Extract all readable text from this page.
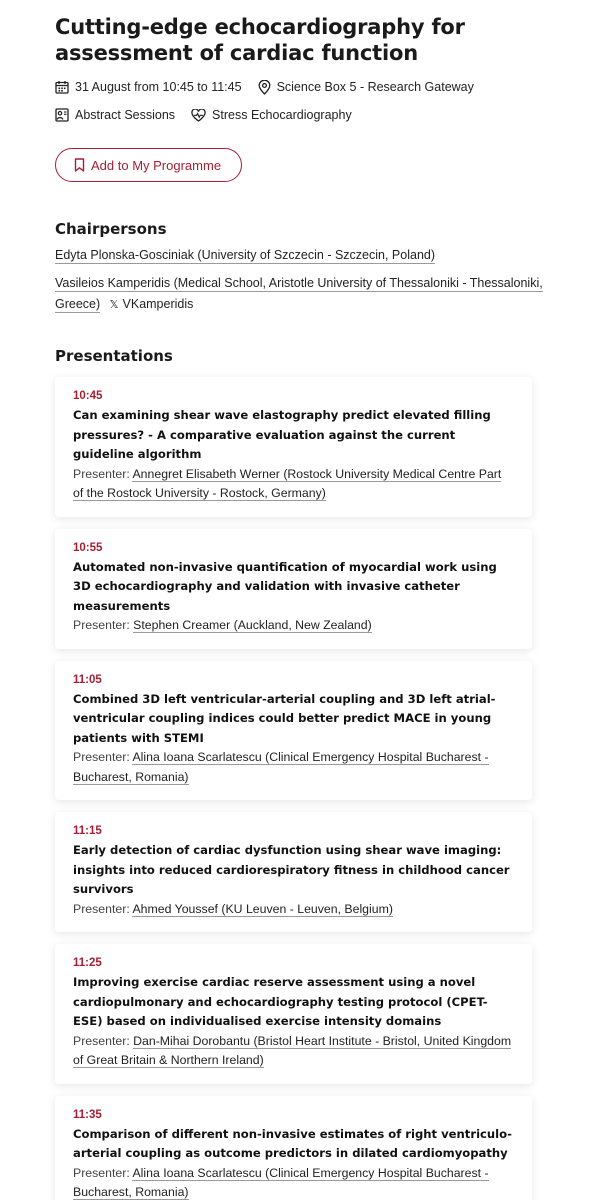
Cutting-edge echocardiography for assessment of cardiac function
31 August from 10:45 to 11:45	Science Box 5 - Research Gateway
Abstract Sessions	Stress Echocardiography
Add to My Programme
Chairpersons
Edyta Plonska-Gosciniak (University of Szczecin - Szczecin, Poland)
Vasileios Kamperidis (Medical School, Aristotle University of Thessaloniki - Thessaloniki, Greece) 𝕏 VKamperidis
Presentations
10:45
Can examining shear wave elastography predict elevated filling pressures? - A comparative evaluation against the current guideline algorithm
Presenter: Annegret Elisabeth Werner (Rostock University Medical Centre Part of the Rostock University - Rostock, Germany)
10:55
Automated non-invasive quantification of myocardial work using 3D echocardiography and validation with invasive catheter measurements
Presenter: Stephen Creamer (Auckland, New Zealand)
11:05
Combined 3D left ventricular-arterial coupling and 3D left atrial-ventricular coupling indices could better predict MACE in young patients with STEMI
Presenter: Alina Ioana Scarlatescu (Clinical Emergency Hospital Bucharest - Bucharest, Romania)
11:15
Early detection of cardiac dysfunction using shear wave imaging: insights into reduced cardiorespiratory fitness in childhood cancer survivors
Presenter: Ahmed Youssef (KU Leuven - Leuven, Belgium)
11:25
Improving exercise cardiac reserve assessment using a novel cardiopulmonary and echocardiography testing protocol (CPET-ESE) based on individualised exercise intensity domains
Presenter: Dan-Mihai Dorobantu (Bristol Heart Institute - Bristol, United Kingdom of Great Britain & Northern Ireland)
11:35
Comparison of different non-invasive estimates of right ventriculo-arterial coupling as outcome predictors in dilated cardiomyopathy
Presenter: Alina Ioana Scarlatescu (Clinical Emergency Hospital Bucharest - Bucharest, Romania)
